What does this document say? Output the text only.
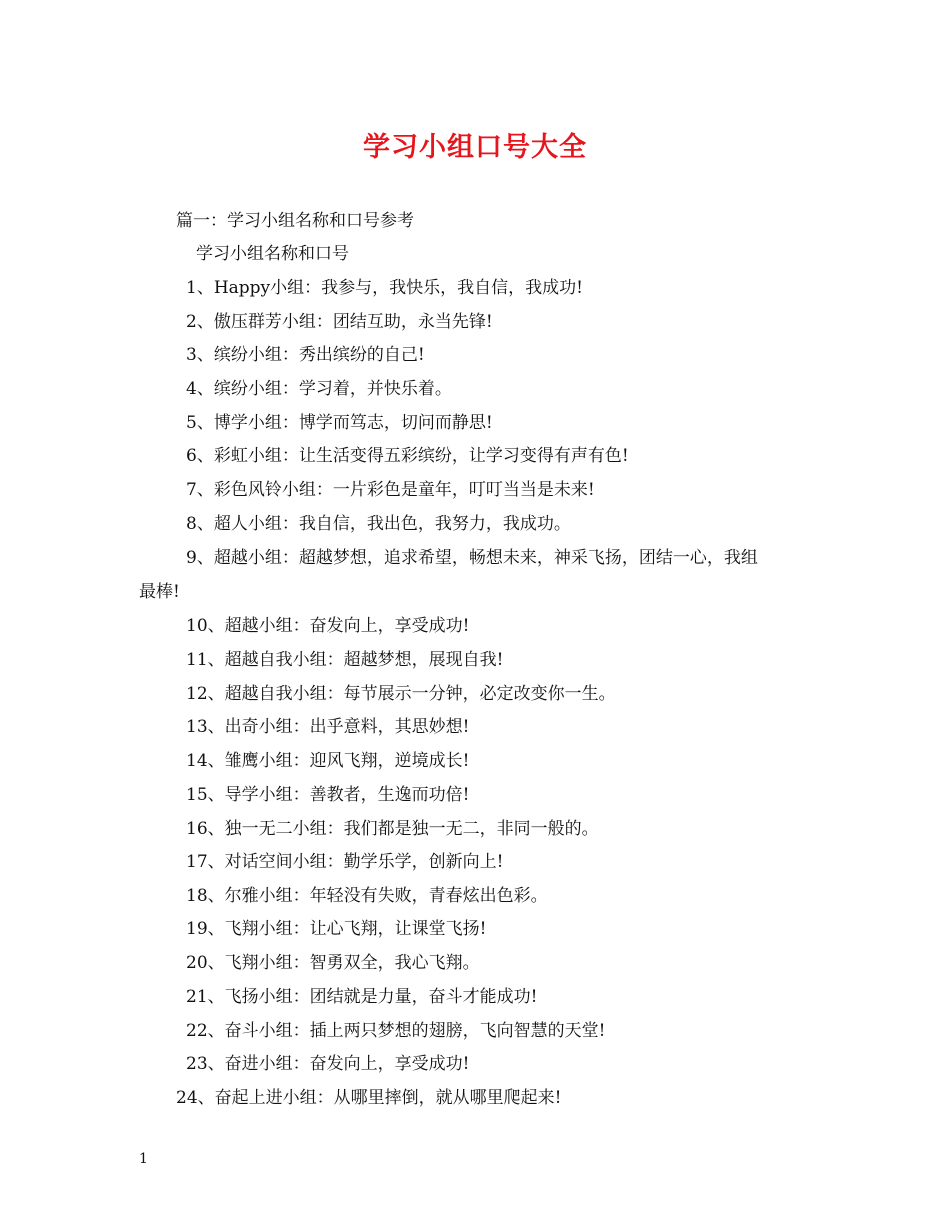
学习小组口号大全
篇一：学习小组名称和口号参考
学习小组名称和口号
1、Happy小组：我参与，我快乐，我自信，我成功!
2、傲压群芳小组：团结互助，永当先锋!
3、缤纷小组：秀出缤纷的自己!
4、缤纷小组：学习着，并快乐着。
5、博学小组：博学而笃志，切问而静思!
6、彩虹小组：让生活变得五彩缤纷，让学习变得有声有色!
7、彩色风铃小组：一片彩色是童年，叮叮当当是未来!
8、超人小组：我自信，我出色，我努力，我成功。
9、超越小组：超越梦想，追求希望，畅想未来，神采飞扬，团结一心，我组
最棒!
10、超越小组：奋发向上，享受成功!
11、超越自我小组：超越梦想，展现自我!
12、超越自我小组：每节展示一分钟，必定改变你一生。
13、出奇小组：出乎意料，其思妙想!
14、雏鹰小组：迎风飞翔，逆境成长!
15、导学小组：善教者，生逸而功倍!
16、独一无二小组：我们都是独一无二，非同一般的。
17、对话空间小组：勤学乐学，创新向上!
18、尔雅小组：年轻没有失败，青春炫出色彩。
19、飞翔小组：让心飞翔，让课堂飞扬!
20、飞翔小组：智勇双全，我心飞翔。
21、飞扬小组：团结就是力量，奋斗才能成功!
22、奋斗小组：插上两只梦想的翅膀，飞向智慧的天堂!
23、奋进小组：奋发向上，享受成功!
24、奋起上进小组：从哪里摔倒，就从哪里爬起来!
1
